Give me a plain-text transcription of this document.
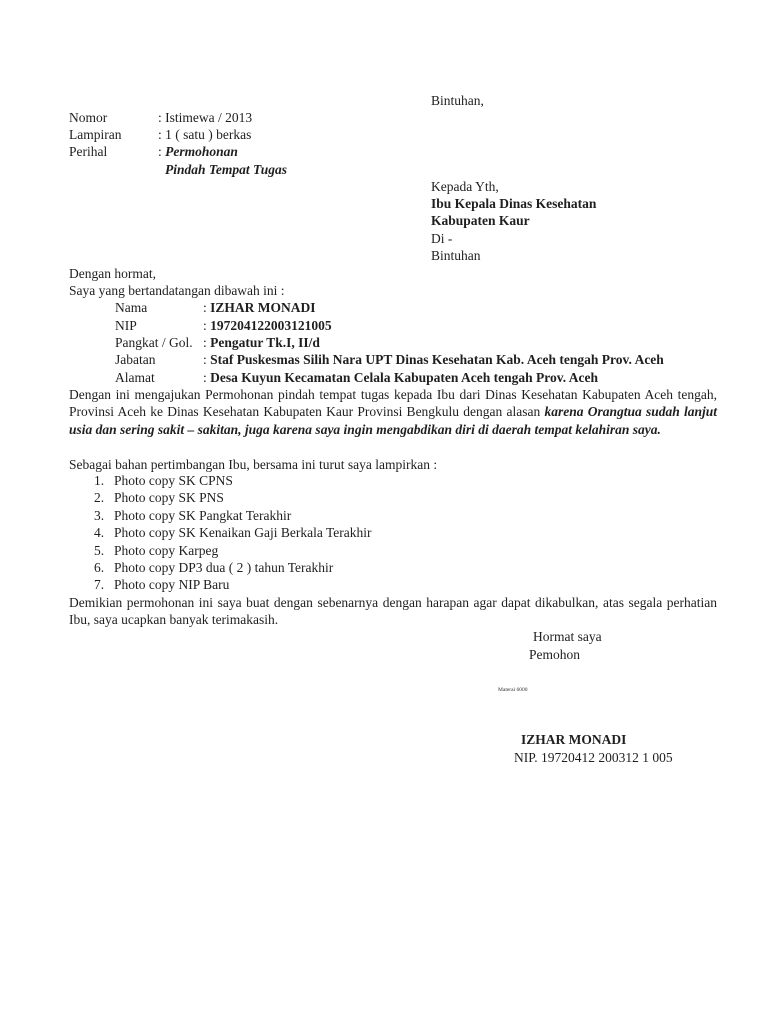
Bintuhan,
Nomor	: Istimewa / 2013
Lampiran	: 1 ( satu ) berkas
Perihal	: Permohonan
Pindah Tempat Tugas
Kepada Yth,
Ibu Kepala Dinas Kesehatan
Kabupaten Kaur
Di -
Bintuhan
Dengan hormat,
Saya yang bertandatangan dibawah ini :
Nama	: IZHAR MONADI
NIP	: 197204122003121005
Pangkat / Gol. : Pengatur Tk.I, II/d
Jabatan	: Staf Puskesmas Silih Nara UPT Dinas Kesehatan Kab. Aceh tengah Prov. Aceh
Alamat	: Desa Kuyun Kecamatan Celala Kabupaten Aceh tengah Prov. Aceh
Dengan ini mengajukan Permohonan pindah tempat tugas kepada Ibu dari Dinas Kesehatan Kabupaten Aceh tengah, Provinsi Aceh ke Dinas Kesehatan Kabupaten Kaur Provinsi Bengkulu dengan alasan karena Orangtua sudah lanjut usia dan sering sakit – sakitan, juga karena saya ingin mengabdikan diri di daerah tempat kelahiran saya.
Sebagai bahan pertimbangan Ibu, bersama ini turut saya lampirkan :
1. Photo copy SK CPNS
2. Photo copy SK PNS
3. Photo copy SK Pangkat Terakhir
4. Photo copy SK Kenaikan Gaji Berkala Terakhir
5. Photo copy Karpeg
6. Photo copy DP3 dua ( 2 ) tahun Terakhir
7. Photo copy NIP Baru
Demikian permohonan ini saya buat dengan sebenarnya dengan harapan agar dapat dikabulkan, atas segala perhatian Ibu, saya ucapkan banyak terimakasih.
Hormat saya
Pemohon
Materai 6000
IZHAR MONADI
NIP. 19720412 200312 1 005
